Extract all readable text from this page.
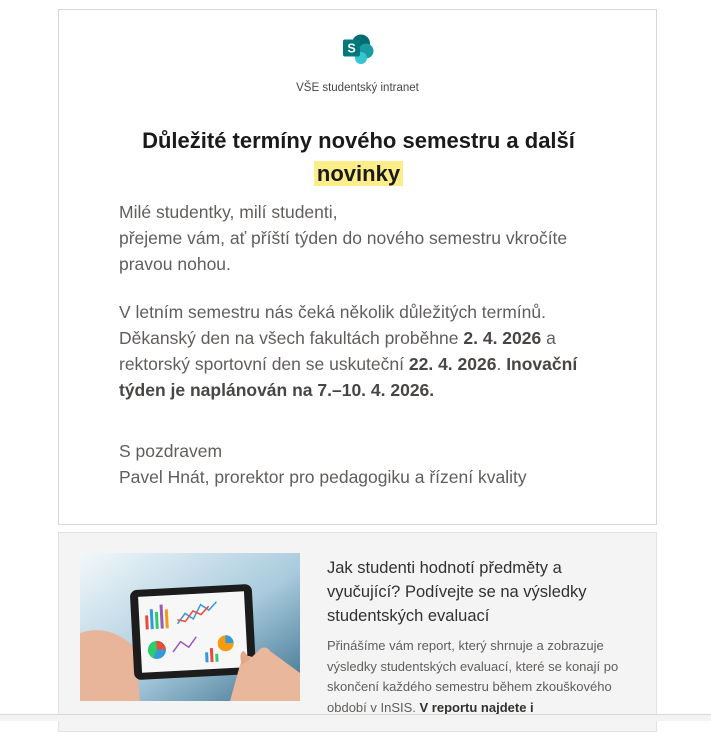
S
VŠE studentský intranet
Důležité termíny nového semestru a další
novinky

Milé studentky, milí studenti,

přejeme vám, ať příští týden do nového semestru vkročíte pravou nohou.

V letním semestru nás čeká několik důležitých termínů.

Děkanský den na všech fakultách proběhne 2. 4. 2026 a rektorský sportovní den se uskuteční 22. 4. 2026. Inovační týden je naplánován na 7.–10. 4. 2026.

S pozdravem

Pavel Hnát, prorektor pro pedagogiku a řízení kvality

Jak studenti hodnotí předměty a vyučující? Podívejte se na výsledky studentských evaluací
Přinášíme vám report, který shrnuje a zobrazuje výsledky studentských evaluací, které se konají po skončení každého semestru během zkouškového období v InSIS. V reportu najdete i
